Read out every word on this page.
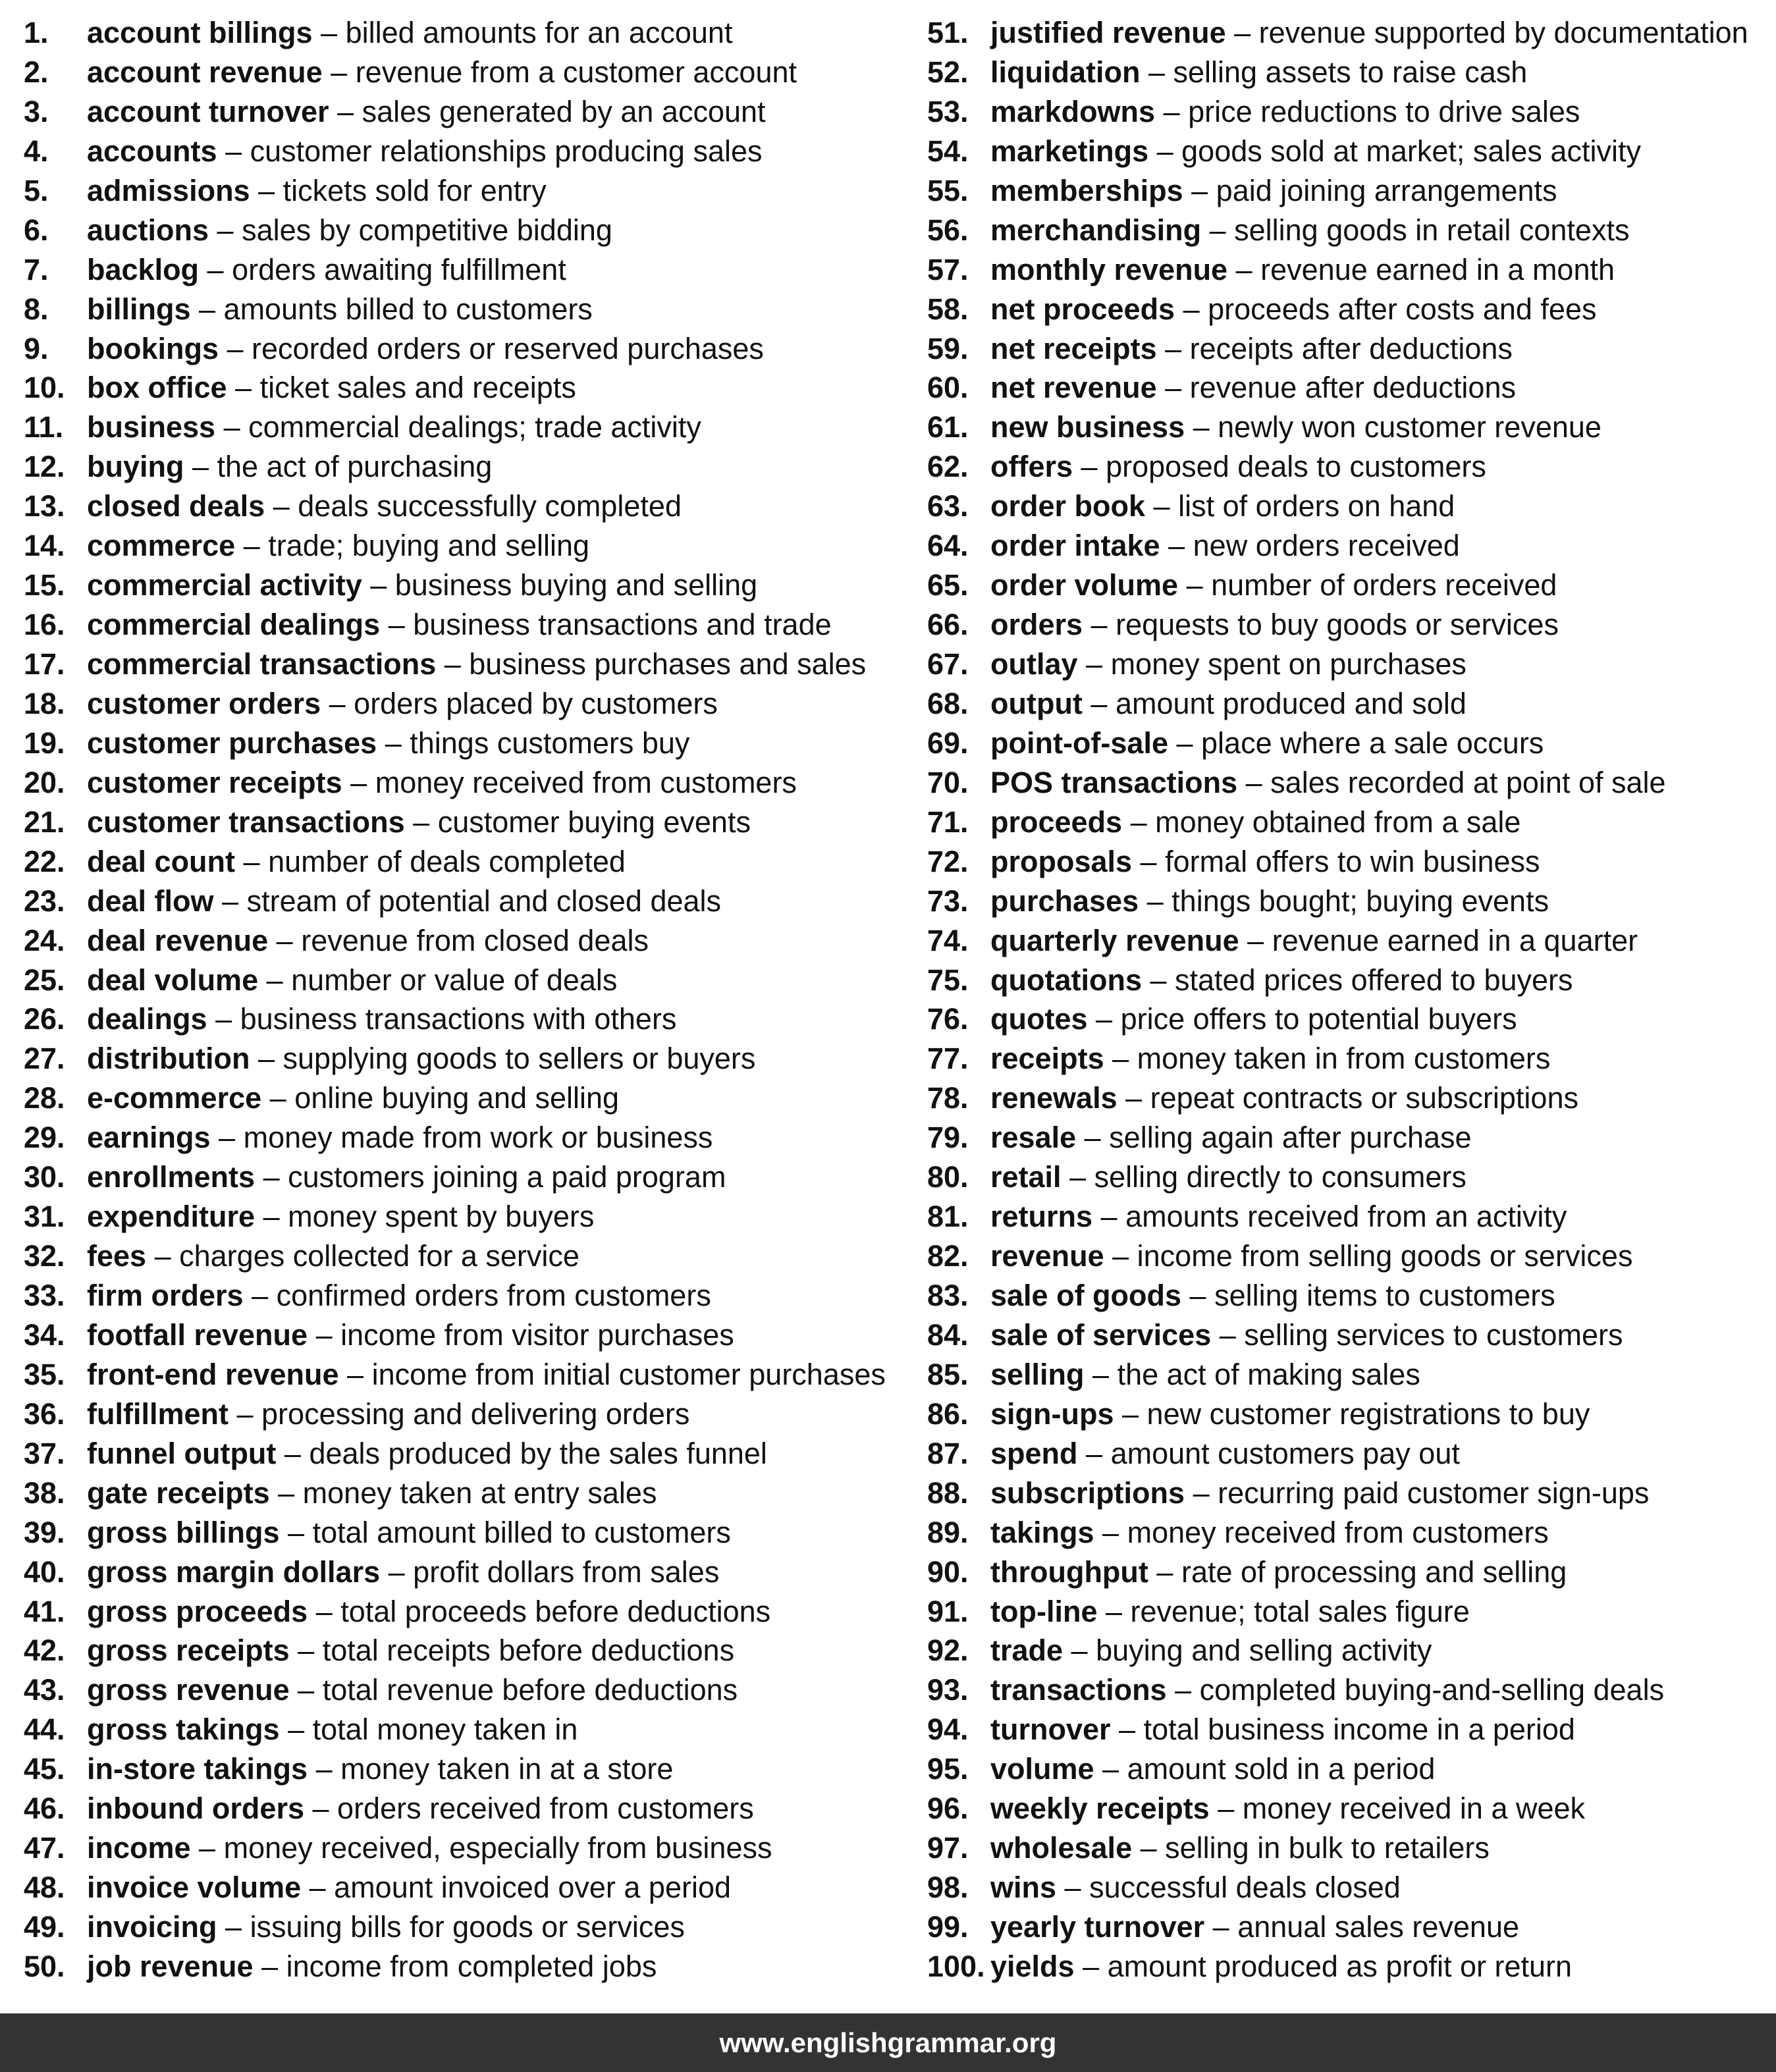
1. account billings – billed amounts for an account
2. account revenue – revenue from a customer account
3. account turnover – sales generated by an account
4. accounts – customer relationships producing sales
5. admissions – tickets sold for entry
6. auctions – sales by competitive bidding
7. backlog – orders awaiting fulfillment
8. billings – amounts billed to customers
9. bookings – recorded orders or reserved purchases
10. box office – ticket sales and receipts
11. business – commercial dealings; trade activity
12. buying – the act of purchasing
13. closed deals – deals successfully completed
14. commerce – trade; buying and selling
15. commercial activity – business buying and selling
16. commercial dealings – business transactions and trade
17. commercial transactions – business purchases and sales
18. customer orders – orders placed by customers
19. customer purchases – things customers buy
20. customer receipts – money received from customers
21. customer transactions – customer buying events
22. deal count – number of deals completed
23. deal flow – stream of potential and closed deals
24. deal revenue – revenue from closed deals
25. deal volume – number or value of deals
26. dealings – business transactions with others
27. distribution – supplying goods to sellers or buyers
28. e-commerce – online buying and selling
29. earnings – money made from work or business
30. enrollments – customers joining a paid program
31. expenditure – money spent by buyers
32. fees – charges collected for a service
33. firm orders – confirmed orders from customers
34. footfall revenue – income from visitor purchases
35. front-end revenue – income from initial customer purchases
36. fulfillment – processing and delivering orders
37. funnel output – deals produced by the sales funnel
38. gate receipts – money taken at entry sales
39. gross billings – total amount billed to customers
40. gross margin dollars – profit dollars from sales
41. gross proceeds – total proceeds before deductions
42. gross receipts – total receipts before deductions
43. gross revenue – total revenue before deductions
44. gross takings – total money taken in
45. in-store takings – money taken in at a store
46. inbound orders – orders received from customers
47. income – money received, especially from business
48. invoice volume – amount invoiced over a period
49. invoicing – issuing bills for goods or services
50. job revenue – income from completed jobs
51. justified revenue – revenue supported by documentation
52. liquidation – selling assets to raise cash
53. markdowns – price reductions to drive sales
54. marketings – goods sold at market; sales activity
55. memberships – paid joining arrangements
56. merchandising – selling goods in retail contexts
57. monthly revenue – revenue earned in a month
58. net proceeds – proceeds after costs and fees
59. net receipts – receipts after deductions
60. net revenue – revenue after deductions
61. new business – newly won customer revenue
62. offers – proposed deals to customers
63. order book – list of orders on hand
64. order intake – new orders received
65. order volume – number of orders received
66. orders – requests to buy goods or services
67. outlay – money spent on purchases
68. output – amount produced and sold
69. point-of-sale – place where a sale occurs
70. POS transactions – sales recorded at point of sale
71. proceeds – money obtained from a sale
72. proposals – formal offers to win business
73. purchases – things bought; buying events
74. quarterly revenue – revenue earned in a quarter
75. quotations – stated prices offered to buyers
76. quotes – price offers to potential buyers
77. receipts – money taken in from customers
78. renewals – repeat contracts or subscriptions
79. resale – selling again after purchase
80. retail – selling directly to consumers
81. returns – amounts received from an activity
82. revenue – income from selling goods or services
83. sale of goods – selling items to customers
84. sale of services – selling services to customers
85. selling – the act of making sales
86. sign-ups – new customer registrations to buy
87. spend – amount customers pay out
88. subscriptions – recurring paid customer sign-ups
89. takings – money received from customers
90. throughput – rate of processing and selling
91. top-line – revenue; total sales figure
92. trade – buying and selling activity
93. transactions – completed buying-and-selling deals
94. turnover – total business income in a period
95. volume – amount sold in a period
96. weekly receipts – money received in a week
97. wholesale – selling in bulk to retailers
98. wins – successful deals closed
99. yearly turnover – annual sales revenue
100. yields – amount produced as profit or return
www.englishgrammar.org
